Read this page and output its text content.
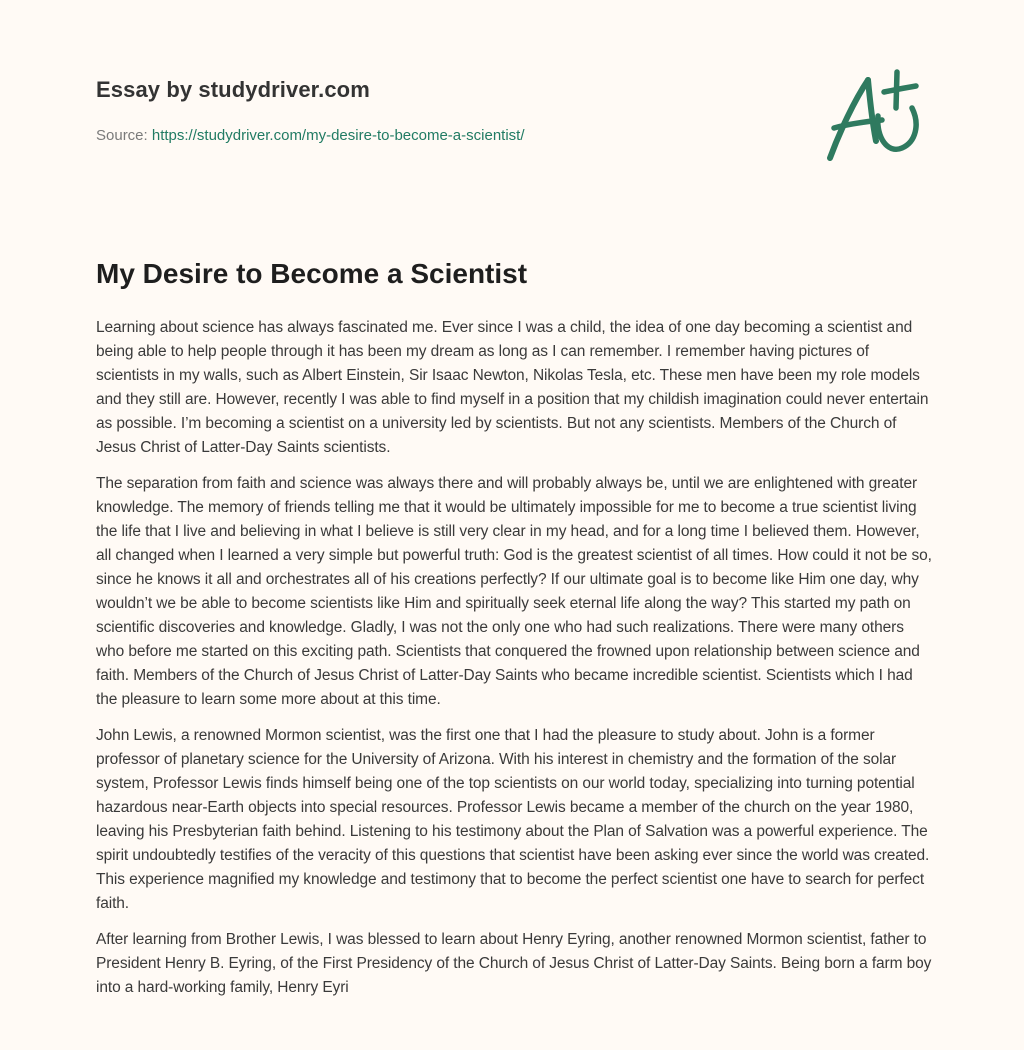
Essay by studydriver.com
Source: https://studydriver.com/my-desire-to-become-a-scientist/
My Desire to Become a Scientist

Learning about science has always fascinated me. Ever since I was a child, the idea of one day becoming a scientist and being able to help people through it has been my dream as long as I can remember. I remember having pictures of scientists in my walls, such as Albert Einstein, Sir Isaac Newton, Nikolas Tesla, etc. These men have been my role models and they still are. However, recently I was able to find myself in a position that my childish imagination could never entertain as possible. I’m becoming a scientist on a university led by scientists. But not any scientists. Members of the Church of Jesus Christ of Latter-Day Saints scientists.

The separation from faith and science was always there and will probably always be, until we are enlightened with greater knowledge. The memory of friends telling me that it would be ultimately impossible for me to become a true scientist living the life that I live and believing in what I believe is still very clear in my head, and for a long time I believed them. However, all changed when I learned a very simple but powerful truth: God is the greatest scientist of all times. How could it not be so, since he knows it all and orchestrates all of his creations perfectly? If our ultimate goal is to become like Him one day, why wouldn’t we be able to become scientists like Him and spiritually seek eternal life along the way? This started my path on scientific discoveries and knowledge. Gladly, I was not the only one who had such realizations. There were many others who before me started on this exciting path. Scientists that conquered the frowned upon relationship between science and faith. Members of the Church of Jesus Christ of Latter-Day Saints who became incredible scientist. Scientists which I had the pleasure to learn some more about at this time.

John Lewis, a renowned Mormon scientist, was the first one that I had the pleasure to study about. John is a former professor of planetary science for the University of Arizona. With his interest in chemistry and the formation of the solar system, Professor Lewis finds himself being one of the top scientists on our world today, specializing into turning potential hazardous near-Earth objects into special resources. Professor Lewis became a member of the church on the year 1980, leaving his Presbyterian faith behind. Listening to his testimony about the Plan of Salvation was a powerful experience. The spirit undoubtedly testifies of the veracity of this questions that scientist have been asking ever since the world was created. This experience magnified my knowledge and testimony that to become the perfect scientist one have to search for perfect faith.

After learning from Brother Lewis, I was blessed to learn about Henry Eyring, another renowned Mormon scientist, father to President Henry B. Eyring, of the First Presidency of the Church of Jesus Christ of Latter-Day Saints. Being born a farm boy into a hard-working family, Henry Eyri
